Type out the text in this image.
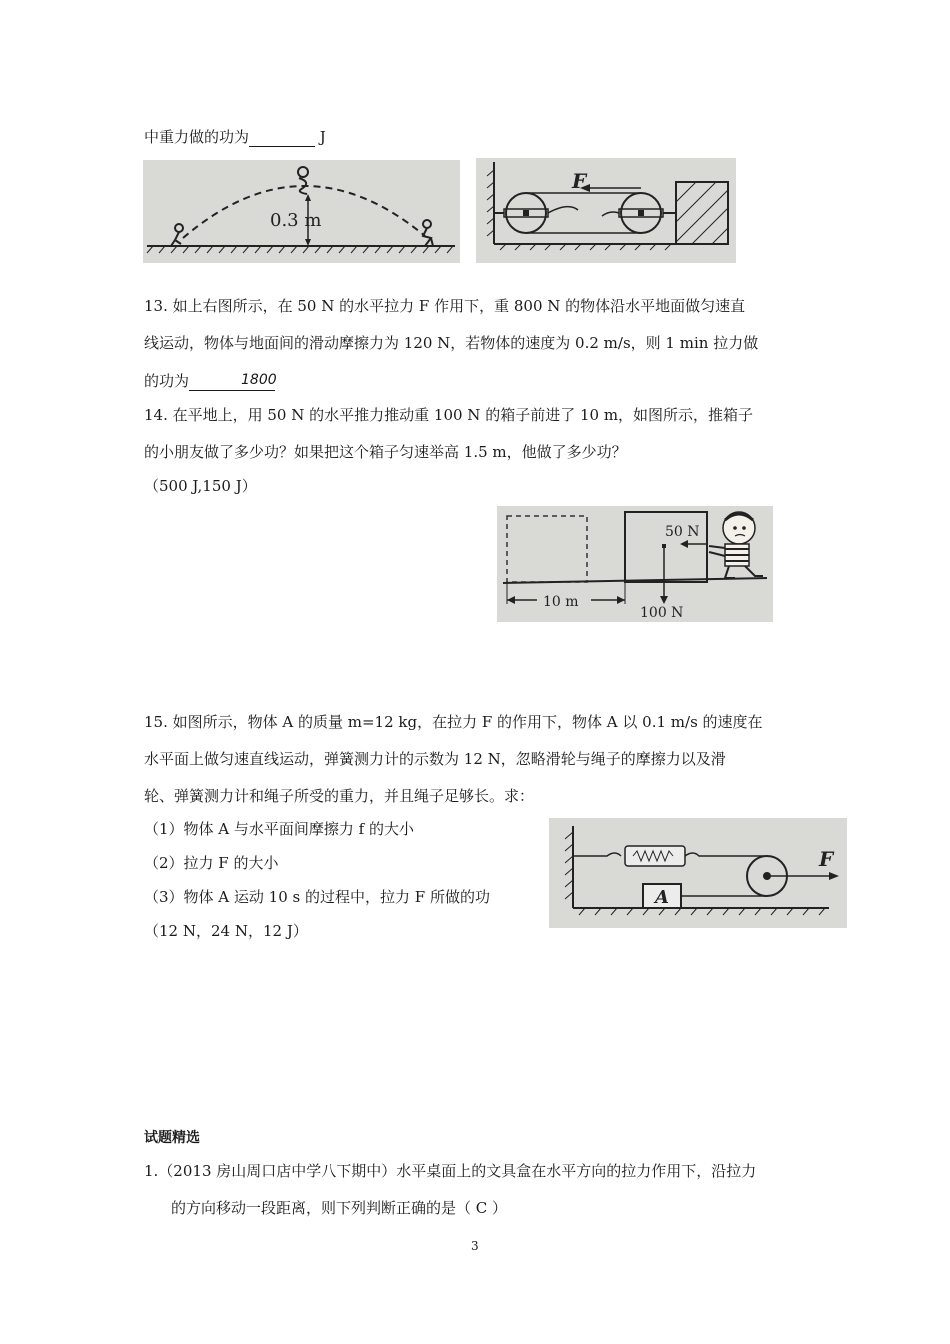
中重力做的功为	J
0.3 m
F
13. 如上右图所示，在 50 N 的水平拉力 F 作用下，重 800 N 的物体沿水平地面做匀速直
线运动，物体与地面间的滑动摩擦力为 120 N，若物体的速度为 0.2 m/s，则 1 min 拉力做
的功为	1800

14. 在平地上，用 50 N 的水平推力推动重 100 N 的箱子前进了 10 m，如图所示，推箱子
的小朋友做了多少功？如果把这个箱子匀速举高 1.5 m，他做了多少功？
（500 J,150 J）
10 m
100 N
50 N
15. 如图所示，物体 A 的质量 m=12 kg，在拉力 F 的作用下，物体 A 以 0.1 m/s 的速度在
水平面上做匀速直线运动，弹簧测力计的示数为 12 N，忽略滑轮与绳子的摩擦力以及滑
轮、弹簧测力计和绳子所受的重力，并且绳子足够长。求：
（1）物体 A 与水平面间摩擦力 f 的大小
（2）拉力 F 的大小
（3）物体 A 运动 10 s 的过程中，拉力 F 所做的功
（12 N，24 N，12 J）
A
F
试题精选
1.（2013 房山周口店中学八下期中）水平桌面上的文具盒在水平方向的拉力作用下，沿拉力
的方向移动一段距离，则下列判断正确的是（ C ）
3
